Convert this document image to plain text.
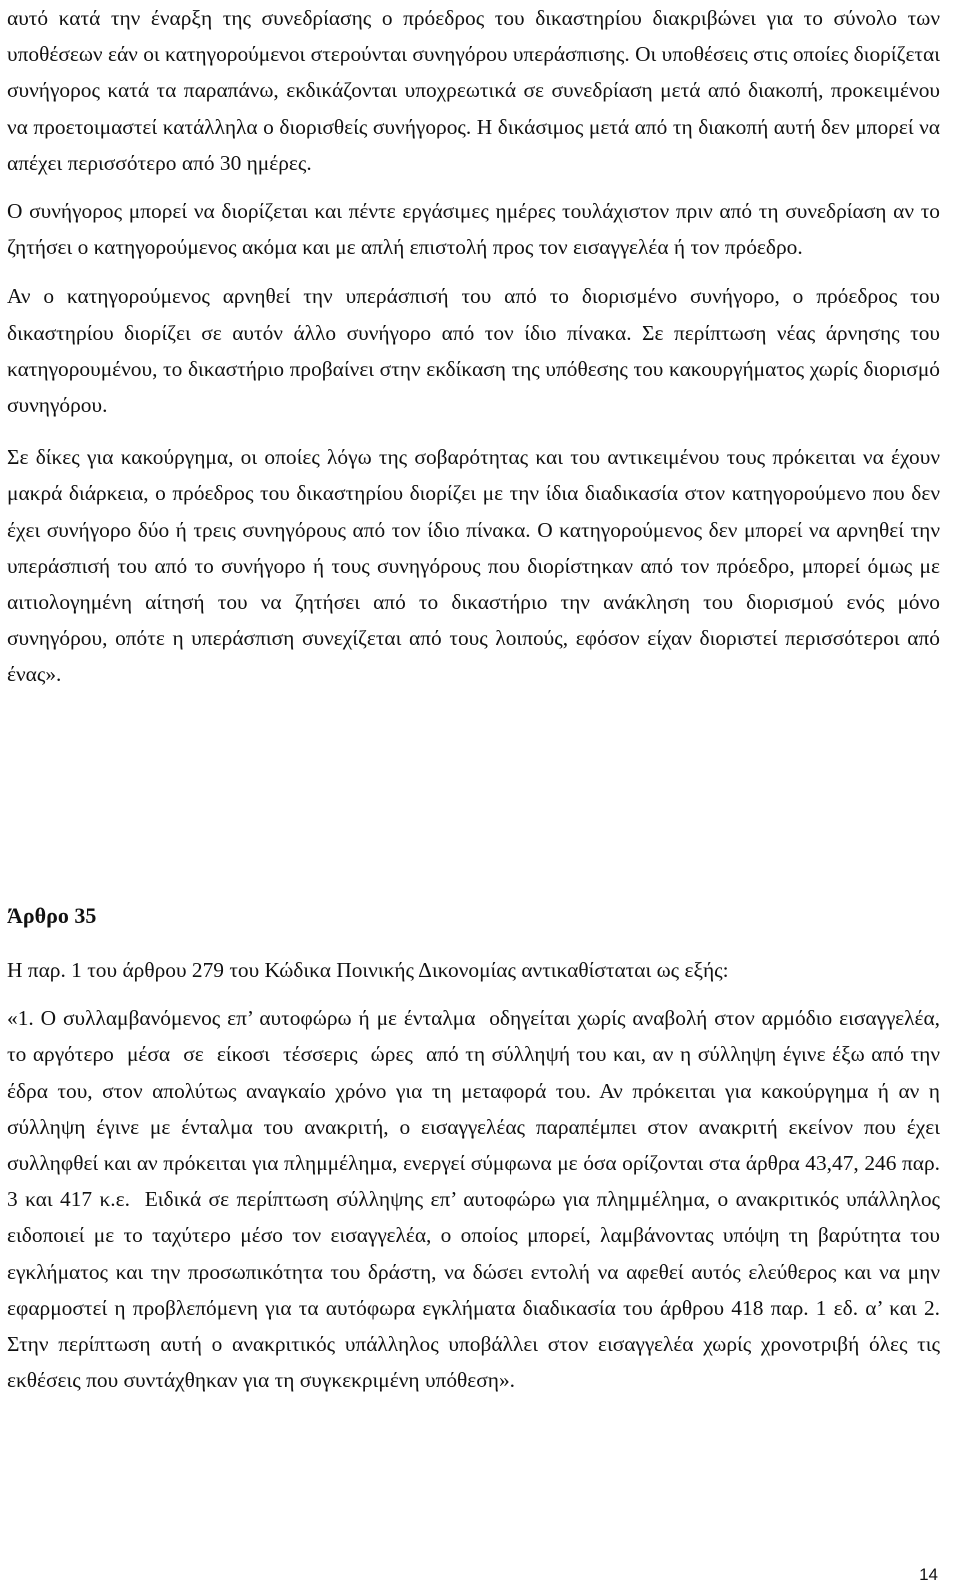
αυτό κατά την έναρξη της συνεδρίασης ο πρόεδρος του δικαστηρίου διακριβώνει για το σύνολο των υποθέσεων εάν οι κατηγορούμενοι στερούνται συνηγόρου υπεράσπισης. Οι υποθέσεις στις οποίες διορίζεται συνήγορος κατά τα παραπάνω, εκδικάζονται υποχρεωτικά σε συνεδρίαση μετά από διακοπή, προκειμένου να προετοιμαστεί κατάλληλα ο διορισθείς συνήγορος. Η δικάσιμος μετά από τη διακοπή αυτή δεν μπορεί να απέχει περισσότερο από 30 ημέρες.

Ο συνήγορος μπορεί να διορίζεται και πέντε εργάσιμες ημέρες τουλάχιστον πριν από τη συνεδρίαση αν το ζητήσει ο κατηγορούμενος ακόμα και με απλή επιστολή προς τον εισαγγελέα ή τον πρόεδρο.

Αν ο κατηγορούμενος αρνηθεί την υπεράσπισή του από το διορισμένο συνήγορο, ο πρόεδρος του δικαστηρίου διορίζει σε αυτόν άλλο συνήγορο από τον ίδιο πίνακα. Σε περίπτωση νέας άρνησης του κατηγορουμένου, το δικαστήριο προβαίνει στην εκδίκαση της υπόθεσης του κακουργήματος χωρίς διορισμό συνηγόρου.

Σε δίκες για κακούργημα, οι οποίες λόγω της σοβαρότητας και του αντικειμένου τους πρόκειται να έχουν μακρά διάρκεια, ο πρόεδρος του δικαστηρίου διορίζει με την ίδια διαδικασία στον κατηγορούμενο που δεν έχει συνήγορο δύο ή τρεις συνηγόρους από τον ίδιο πίνακα. Ο κατηγορούμενος δεν μπορεί να αρνηθεί την υπεράσπισή του από το συνήγορο ή τους συνηγόρους που διορίστηκαν από τον πρόεδρο, μπορεί όμως με αιτιολογημένη αίτησή του να ζητήσει από το δικαστήριο την ανάκληση του διορισμού ενός μόνο συνηγόρου, οπότε η υπεράσπιση συνεχίζεται από τους λοιπούς, εφόσον είχαν διοριστεί περισσότεροι από ένας».

Άρθρο 35

Η παρ. 1 του άρθρου 279 του Κώδικα Ποινικής Δικονομίας αντικαθίσταται ως εξής:

«1. Ο συλλαμβανόμενος επ’ αυτοφώρω ή με ένταλμα  οδηγείται χωρίς αναβολή στον αρμόδιο εισαγγελέα, το αργότερο  μέσα  σε  είκοσι  τέσσερις  ώρες  από τη σύλληψή του και, αν η σύλληψη έγινε έξω από την έδρα του, στον απολύτως αναγκαίο χρόνο για τη μεταφορά του. Αν πρόκειται για κακούργημα ή αν η σύλληψη έγινε με ένταλμα του ανακριτή, ο εισαγγελέας παραπέμπει στον ανακριτή εκείνον που έχει συλληφθεί και αν πρόκειται για πλημμέλημα, ενεργεί σύμφωνα με όσα ορίζονται στα άρθρα 43,47, 246 παρ. 3 και 417 κ.ε.  Ειδικά σε περίπτωση σύλληψης επ’ αυτοφώρω για πλημμέλημα, ο ανακριτικός υπάλληλος ειδοποιεί με το ταχύτερο μέσο τον εισαγγελέα, ο οποίος μπορεί, λαμβάνοντας υπόψη τη βαρύτητα του εγκλήματος και την προσωπικότητα του δράστη, να δώσει εντολή να αφεθεί αυτός ελεύθερος και να μην εφαρμοστεί η προβλεπόμενη για τα αυτόφωρα εγκλήματα διαδικασία του άρθρου 418 παρ. 1 εδ. α’ και 2. Στην περίπτωση αυτή ο ανακριτικός υπάλληλος υποβάλλει στον εισαγγελέα χωρίς χρονοτριβή όλες τις εκθέσεις που συντάχθηκαν για τη συγκεκριμένη υπόθεση».

14
